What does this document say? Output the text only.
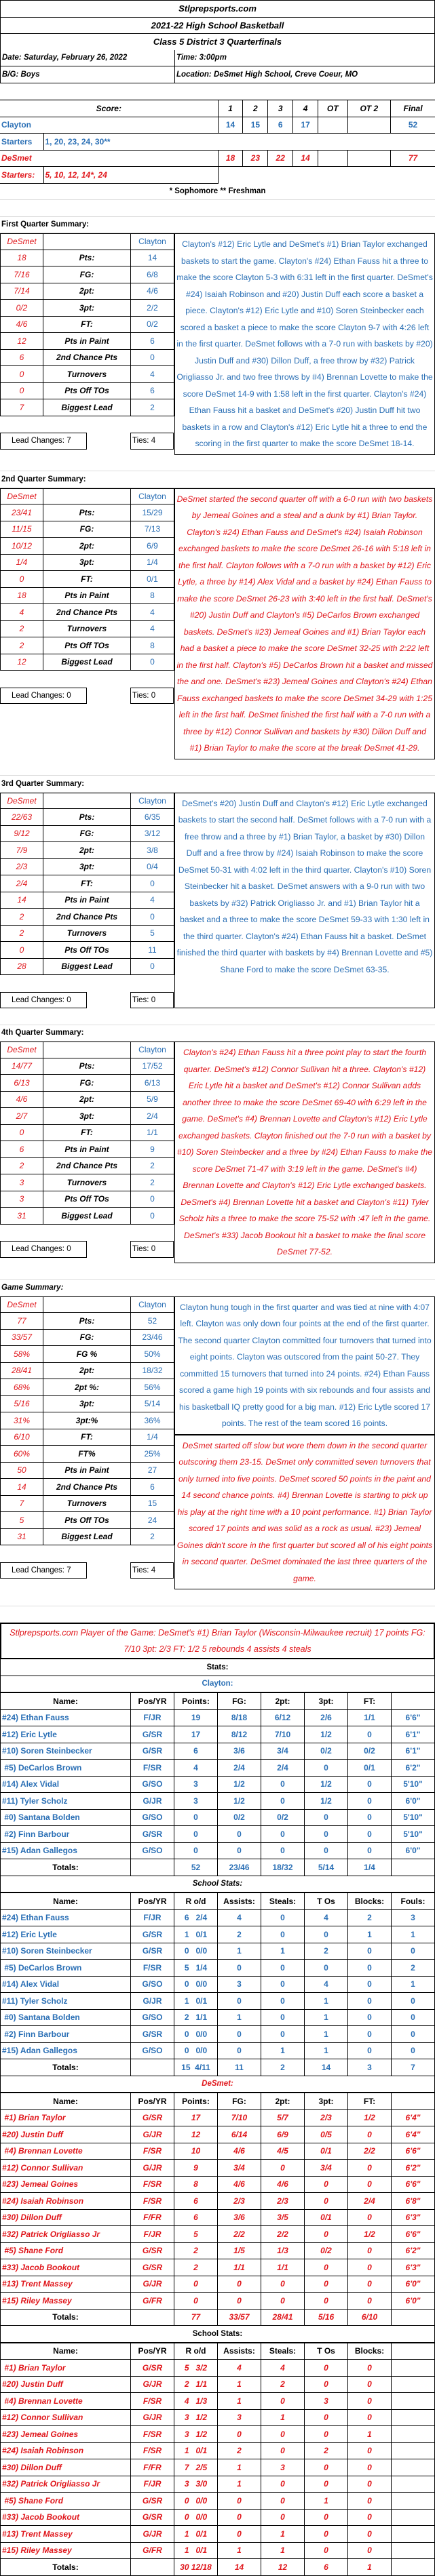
Stlprepsports.com
2021-22 High School Basketball
Class 5 District 3 Quarterfinals
Date: Saturday, February 26, 2022	Time: 3:00pm
B/G: Boys	Location: DeSmet High School, Creve Coeur, MO
Score:		1	2	3	4	OT	OT 2	Final
Clayton		14	15	6	17			52
Starters	1, 20, 23, 24, 30**							
DeSmet		18	23	22	14			77
Starters:	5, 10, 12, 14*, 24							
* Sophomore ** Freshman
First Quarter Summary:
DeSmet	Clayton
18	Pts:	14
7/16	FG:	6/8
7/14	2pt:	4/6
0/2	3pt:	2/2
4/6	FT:	0/2
12	Pts in Paint	6
6	2nd Chance Pts	0
0	Turnovers	4
0	Pts Off TOs	6
7	Biggest Lead	2
Lead Changes: 7	Ties: 4
Clayton's #12) Eric Lytle and DeSmet's #1) Brian Taylor exchanged baskets to start the game. Clayton's #24) Ethan Fauss hit a three to make the score Clayton 5-3 with 6:31 left in the first quarter. DeSmet's #24) Isaiah Robinson and #20) Justin Duff each score a basket a piece. Clayton's #12) Eric Lytle and #10) Soren Steinbecker each scored a basket a piece to make the score Clayton 9-7 with 4:26 left in the first quarter. DeSmet follows with a 7-0 run with baskets by #20) Justin Duff and #30) Dillon Duff, a free throw by #32) Patrick Origliasso Jr. and two free throws by #4) Brennan Lovette to make the score DeSmet 14-9 with 1:58 left in the first quarter. Clayton's #24) Ethan Fauss hit a basket and DeSmet's #20) Justin Duff hit two baskets in a row and Clayton's #12) Eric Lytle hit a three to end the scoring in the first quarter to make the score DeSmet 18-14.
2nd Quarter Summary:
DeSmet	Clayton
23/41	Pts:	15/29
11/15	FG:	7/13
10/12	2pt:	6/9
1/4	3pt:	1/4
0	FT:	0/1
18	Pts in Paint	8
4	2nd Chance Pts	4
2	Turnovers	4
2	Pts Off TOs	8
12	Biggest Lead	0
Lead Changes: 0	Ties: 0
DeSmet started the second quarter off with a 6-0 run with two baskets by Jemeal Goines and a steal and a dunk by #1) Brian Taylor. Clayton's #24) Ethan Fauss and DeSmet's #24) Isaiah Robinson exchanged baskets to make the score DeSmet 26-16 with 5:18 left in the first half. Clayton follows with a 7-0 run with a basket by #12) Eric Lytle, a three by #14) Alex Vidal and a basket by #24) Ethan Fauss to make the score DeSmet 26-23 with 3:40 left in the first half. DeSmet's #20) Justin Duff and Clayton's #5) DeCarlos Brown exchanged baskets. DeSmet's #23) Jemeal Goines and #1) Brian Taylor each had a basket a piece to make the score DeSmet 32-25 with 2:22 left in the first half. Clayton's #5) DeCarlos Brown hit a basket and missed the and one. DeSmet's #23) Jemeal Goines and Clayton's #24) Ethan Fauss exchanged baskets to make the score DeSmet 34-29 with 1:25 left in the first half. DeSmet finished the first half with a 7-0 run with a three by #12) Connor Sullivan and baskets by #30) Dillon Duff and #1) Brian Taylor to make the score at the break DeSmet 41-29.
3rd Quarter Summary:
DeSmet	Clayton
22/63	Pts:	6/35
9/12	FG:	3/12
7/9	2pt:	3/8
2/3	3pt:	0/4
2/4	FT:	0
14	Pts in Paint	4
2	2nd Chance Pts	0
2	Turnovers	5
0	Pts Off TOs	11
28	Biggest Lead	0
Lead Changes: 0	Ties: 0
DeSmet's #20) Justin Duff and Clayton's #12) Eric Lytle exchanged baskets to start the second half. DeSmet follows with a 7-0 run with a free throw and a three by #1) Brian Taylor, a basket by #30) Dillon Duff and a free throw by #24) Isaiah Robinson to make the score DeSmet 50-31 with 4:02 left in the third quarter. Clayton's #10) Soren Steinbecker hit a basket. DeSmet answers with a 9-0 run with two baskets by #32) Patrick Origliasso Jr. and #1) Brian Taylor hit a basket and a three to make the score DeSmet 59-33 with 1:30 left in the third quarter. Clayton's #24) Ethan Fauss hit a basket. DeSmet finished the third quarter with baskets by #4) Brennan Lovette and #5) Shane Ford to make the score DeSmet 63-35.
4th Quarter Summary:
DeSmet	Clayton
14/77	Pts:	17/52
6/13	FG:	6/13
4/6	2pt:	5/9
2/7	3pt:	2/4
0	FT:	1/1
6	Pts in Paint	9
2	2nd Chance Pts	2
3	Turnovers	2
3	Pts Off TOs	0
31	Biggest Lead	0
Lead Changes: 0	Ties: 0
Clayton's #24) Ethan Fauss hit a three point play to start the fourth quarter. DeSmet's #12) Connor Sullivan hit a three. Clayton's #12) Eric Lytle hit a basket and DeSmet's #12) Connor Sullivan adds another three to make the score DeSmet 69-40 with 6:29 left in the game. DeSmet's #4) Brennan Lovette and Clayton's #12) Eric Lytle exchanged baskets. Clayton finished out the 7-0 run with a basket by #10) Soren Steinbecker and a three by #24) Ethan Fauss to make the score DeSmet 71-47 with 3:19 left in the game. DeSmet's #4) Brennan Lovette and Clayton's #12) Eric Lytle exchanged baskets. DeSmet's #4) Brennan Lovette hit a basket and Clayton's #11) Tyler Scholz hits a three to make the score 75-52 with :47 left in the game. DeSmet's #33) Jacob Bookout hit a basket to make the final score DeSmet 77-52.
Game Summary:
DeSmet	Clayton
77	Pts:	52
33/57	FG:	23/46
58%	FG %	50%
28/41	2pt:	18/32
68%	2pt %:	56%
5/16	3pt:	5/14
31%	3pt:%	36%
6/10	FT:	1/4
60%	FT%	25%
50	Pts in Paint	27
14	2nd Chance Pts	6
7	Turnovers	15
5	Pts Off TOs	24
31	Biggest Lead	2
Lead Changes: 7	Ties: 4
Clayton hung tough in the first quarter and was tied at nine with 4:07 left. Clayton was only down four points at the end of the first quarter. The second quarter Clayton committed four turnovers that turned into eight points. Clayton was outscored from the paint 50-27. They committed 15 turnovers that turned into 24 points. #24) Ethan Fauss scored a game high 19 points with six rebounds and four assists and his basketball IQ pretty good for a big man. #12) Eric Lytle scored 17 points. The rest of the team scored 16 points.
DeSmet started off slow but wore them down in the second quarter outscoring them 23-15. DeSmet only committed seven turnovers that only turned into five points. DeSmet scored 50 points in the paint and 14 second chance points. #4) Brennan Lovette is starting to pick up his play at the right time with a 10 point performance. #1) Brian Taylor scored 17 points and was solid as a rock as usual. #23) Jemeal Goines didn't score in the first quarter but scored all of his eight points in second quarter. DeSmet dominated the last three quarters of the game.
Stlprepsports.com Player of the Game: DeSmet's #1) Brian Taylor (Wisconsin-Milwaukee recruit) 17 points FG: 7/10 3pt: 2/3 FT: 1/2 5 rebounds 4 assists 4 steals
Stats:
Clayton:
Name:	Pos/YR	Points:	FG:	2pt:	3pt:	FT:	
#24) Ethan Fauss	F/JR	19	8/18	6/12	2/6	1/1	6'6"
#12) Eric Lytle	G/SR	17	8/12	7/10	1/2	0	6'1"
#10) Soren Steinbecker	G/SR	6	3/6	3/4	0/2	0/2	6'1"
#5) DeCarlos Brown	F/SR	4	2/4	2/4	0	0/1	6'2"
#14) Alex Vidal	G/SO	3	1/2	0	1/2	0	5'10"
#11) Tyler Scholz	G/JR	3	1/2	0	1/2	0	6'0"
#0) Santana Bolden	G/SO	0	0/2	0/2	0	0	5'10"
#2) Finn Barbour	G/SR	0	0	0	0	0	5'10"
#15) Adan Gallegos	G/SO	0	0	0	0	0	6'0"
Totals:		52	23/46	18/32	5/14	1/4	
School Stats:
Name:	Pos/YR	R o/d	Assists:	Steals:	T Os	Blocks:	Fouls:
#24) Ethan Fauss	F/JR	6   2/4	4	0	4	2	3
#12) Eric Lytle	G/SR	1   0/1	2	0	0	1	1
#10) Soren Steinbecker	G/SR	0   0/0	1	1	2	0	0
#5) DeCarlos Brown	F/SR	5   1/4	0	0	0	0	2
#14) Alex Vidal	G/SO	0   0/0	3	0	4	0	1
#11) Tyler Scholz	G/JR	1   0/1	0	0	1	0	0
#0) Santana Bolden	G/SO	2   1/1	1	0	1	0	0
#2) Finn Barbour	G/SR	0   0/0	0	0	1	0	0
#15) Adan Gallegos	G/SO	0   0/0	0	1	1	0	0
Totals:		15  4/11	11	2	14	3	7
DeSmet:
Name:	Pos/YR	Points:	FG:	2pt:	3pt:	FT:	
#1) Brian Taylor	G/SR	17	7/10	5/7	2/3	1/2	6'4"
#20) Justin Duff	G/JR	12	6/14	6/9	0/5	0	6'4"
#4) Brennan Lovette	F/SR	10	4/6	4/5	0/1	2/2	6'6"
#12) Connor Sullivan	G/JR	9	3/4	0	3/4	0	6'2"
#23) Jemeal Goines	F/SR	8	4/6	4/6	0	0	6'6"
#24) Isaiah Robinson	F/SR	6	2/3	2/3	0	2/4	6'8"
#30) Dillon Duff	F/FR	6	3/6	3/5	0/1	0	6'3"
#32) Patrick Origliasso Jr	F/JR	5	2/2	2/2	0	1/2	6'6"
#5) Shane Ford	G/SR	2	1/5	1/3	0/2	0	6'2"
#33) Jacob Bookout	G/SR	2	1/1	1/1	0	0	6'3"
#13) Trent Massey	G/JR	0	0	0	0	0	6'0"
#15) Riley Massey	G/FR	0	0	0	0	0	6'0"
Totals:		77	33/57	28/41	5/16	6/10	
School Stats:
Name:	Pos/YR	R o/d	Assists:	Steals:	T Os	Blocks:	
#1) Brian Taylor	G/SR	5   3/2	4	4	0	0	
#20) Justin Duff	G/JR	2   1/1	1	2	0	0	
#4) Brennan Lovette	F/SR	4   1/3	1	0	3	0	
#12) Connor Sullivan	G/JR	3   1/2	3	1	0	0	
#23) Jemeal Goines	F/SR	3   1/2	0	0	0	1	
#24) Isaiah Robinson	F/SR	1   0/1	2	0	2	0	
#30) Dillon Duff	F/FR	7   2/5	1	3	0	0	
#32) Patrick Origliasso Jr	F/JR	3   3/0	1	0	0	0	
#5) Shane Ford	G/SR	0   0/0	0	0	1	0	
#33) Jacob Bookout	G/SR	0   0/0	0	0	0	0	
#13) Trent Massey	G/JR	1   0/1	0	1	0	0	
#15) Riley Massey	G/FR	1   0/1	1	1	0	0	
Totals:		30 12/18	14	12	6	1	
